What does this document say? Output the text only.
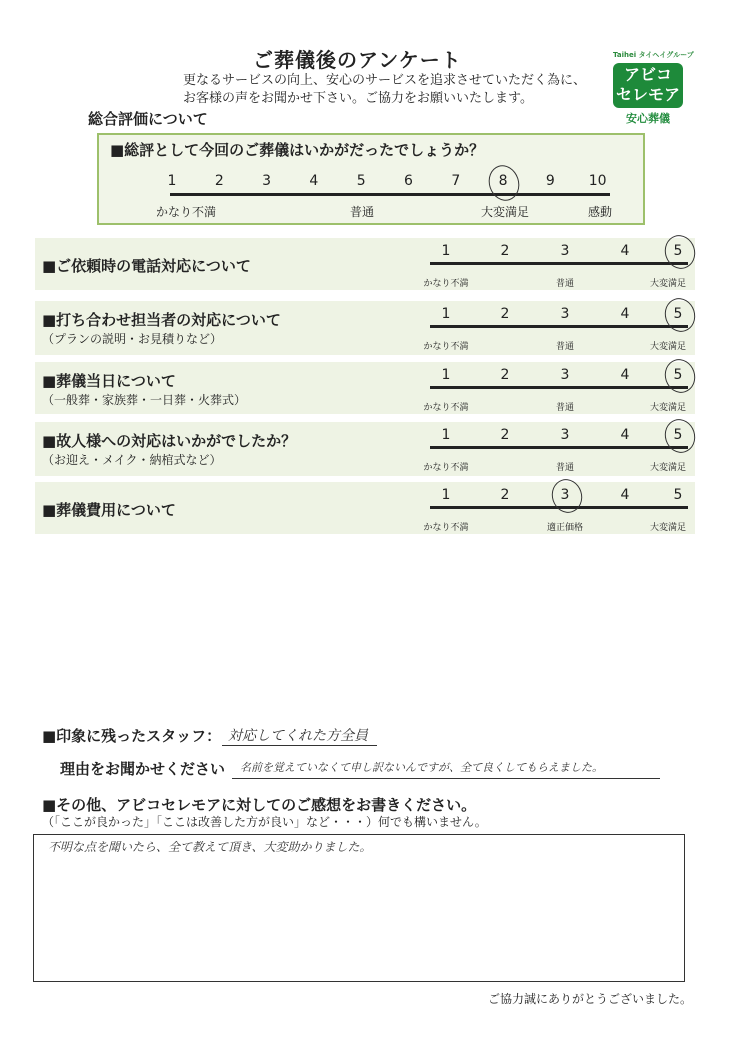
ご葬儀後のアンケート
更なるサービスの向上、安心のサービスを追求させていただく為に、
お客様の声をお聞かせ下さい。ご協力をお願いいたします。
Taihei タイヘイグループ
アビコ
セレモア
安心葬儀
総合評価について
■総評として今回のご葬儀はいかがだったでしょうか？
1	2	3	4	5	6	7	8	9	10
かなり不満	普通	大変満足	感動
■ご依頼時の電話対応について
1	2	3	4	5
かなり不満	普通	大変満足
■打ち合わせ担当者の対応について
（プランの説明・お見積りなど）
1	2	3	4	5
かなり不満	普通	大変満足
■葬儀当日について
（一般葬・家族葬・一日葬・火葬式）
1	2	3	4	5
かなり不満	普通	大変満足
■故人様への対応はいかがでしたか？
（お迎え・メイク・納棺式など）
1	2	3	4	5
かなり不満	普通	大変満足
■葬儀費用について
1	2	3	4	5
かなり不満	適正価格	大変満足
■印象に残ったスタッフ： 対応してくれた方全員
理由をお聞かせください 名前を覚えていなくて申し訳ないんですが、全て良くしてもらえました。
■その他、アビコセレモアに対してのご感想をお書きください。
（「ここが良かった」「ここは改善した方が良い」など・・・）何でも構いません。
不明な点を聞いたら、全て教えて頂き、大変助かりました。
ご協力誠にありがとうございました。
